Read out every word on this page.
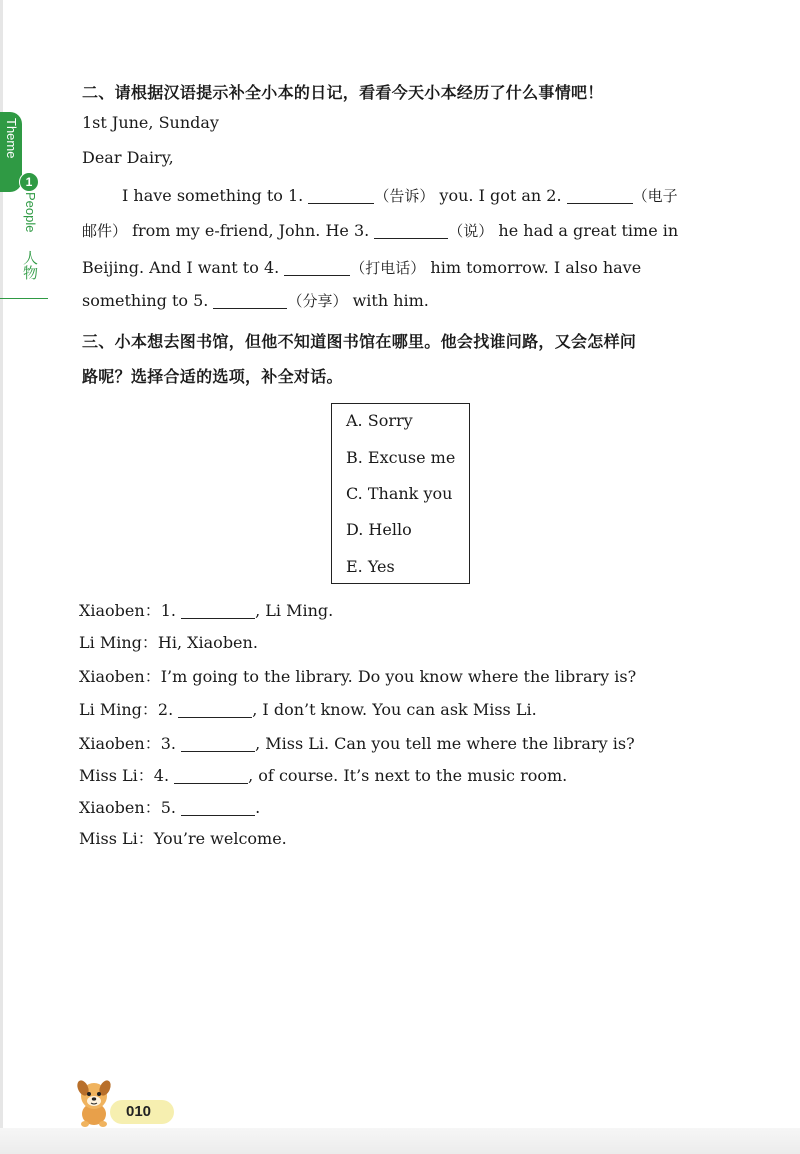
Theme
1
People
人物
二、请根据汉语提示补全小本的日记，看看今天小本经历了什么事情吧！
1st June, Sunday
Dear Dairy,
I have something to 1.	（告诉） you. I got an 2.	（电子
邮件） from my e-friend, John. He 3.	（说） he had a great time in
Beijing. And I want to 4.	（打电话） him tomorrow. I also have
something to 5.	（分享） with him.
三、小本想去图书馆，但他不知道图书馆在哪里。他会找谁问路，又会怎样问
路呢？选择合适的选项，补全对话。
A. Sorry
B. Excuse me
C. Thank you
D. Hello
E. Yes
Xiaoben：1.	, Li Ming.
Li Ming：Hi, Xiaoben.
Xiaoben：I’m going to the library. Do you know where the library is?
Li Ming：2.	, I don’t know. You can ask Miss Li.
Xiaoben：3.	, Miss Li. Can you tell me where the library is?
Miss Li：4.	, of course. It’s next to the music room.
Xiaoben：5.	.
Miss Li：You’re welcome.
010
